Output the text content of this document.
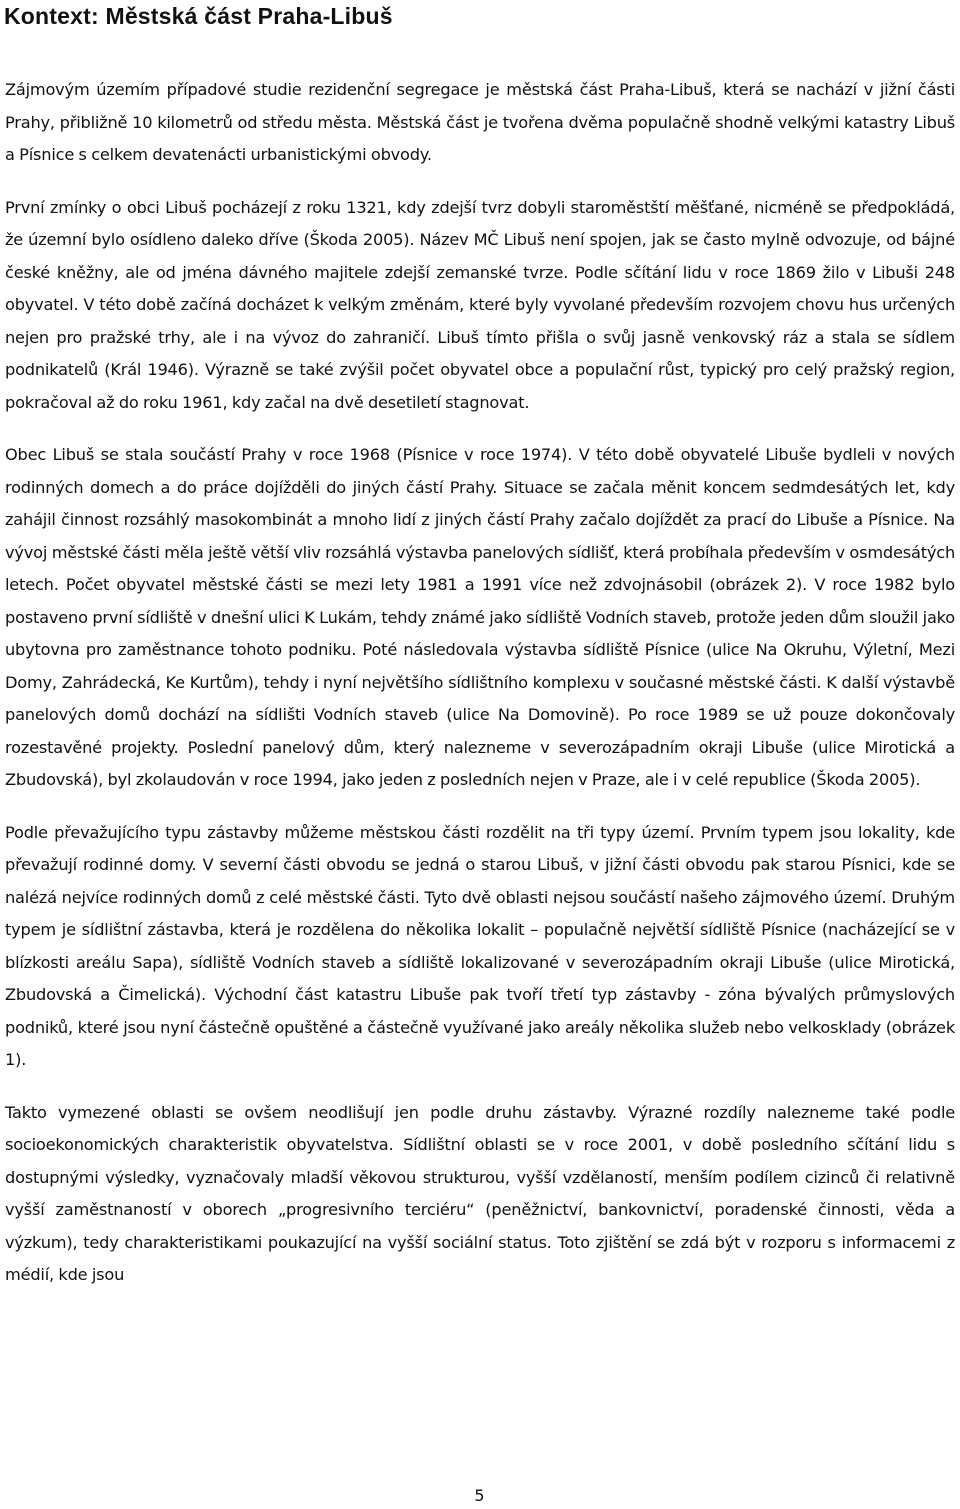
Kontext: Městská část Praha-Libuš

Zájmovým územím případové studie rezidenční segregace je městská část Praha-Libuš, která se nachází v jižní části Prahy, přibližně 10 kilometrů od středu města. Městská část je tvořena dvěma populačně shodně velkými katastry Libuš a Písnice s celkem devatenácti urbanistickými obvody.

První zmínky o obci Libuš pocházejí z roku 1321, kdy zdejší tvrz dobyli staroměstští měšťané, nicméně se předpokládá, že územní bylo osídleno daleko dříve (Škoda 2005). Název MČ Libuš není spojen, jak se často mylně odvozuje, od bájné české kněžny, ale od jména dávného majitele zdejší zemanské tvrze. Podle sčítání lidu v roce 1869 žilo v Libuši 248 obyvatel. V této době začíná docházet k velkým změnám, které byly vyvolané především rozvojem chovu hus určených nejen pro pražské trhy, ale i na vývoz do zahraničí. Libuš tímto přišla o svůj jasně venkovský ráz a stala se sídlem podnikatelů (Král 1946). Výrazně se také zvýšil počet obyvatel obce a populační růst, typický pro celý pražský region, pokračoval až do roku 1961, kdy začal na dvě desetiletí stagnovat.

Obec Libuš se stala součástí Prahy v roce 1968 (Písnice v roce 1974). V této době obyvatelé Libuše bydleli v nových rodinných domech a do práce dojížděli do jiných částí Prahy. Situace se začala měnit koncem sedmdesátých let, kdy zahájil činnost rozsáhlý masokombinát a mnoho lidí z jiných částí Prahy začalo dojíždět za prací do Libuše a Písnice. Na vývoj městské části měla ještě větší vliv rozsáhlá výstavba panelových sídlišť, která probíhala především v osmdesátých letech. Počet obyvatel městské části se mezi lety 1981 a 1991 více než zdvojnásobil (obrázek 2). V roce 1982 bylo postaveno první sídliště v dnešní ulici K Lukám, tehdy známé jako sídliště Vodních staveb, protože jeden dům sloužil jako ubytovna pro zaměstnance tohoto podniku. Poté následovala výstavba sídliště Písnice (ulice Na Okruhu, Výletní, Mezi Domy, Zahrádecká, Ke Kurtům), tehdy i nyní největšího sídlištního komplexu v současné městské části. K další výstavbě panelových domů dochází na sídlišti Vodních staveb (ulice Na Domovině). Po roce 1989 se už pouze dokončovaly rozestavěné projekty. Poslední panelový dům, který nalezneme v severozápadním okraji Libuše (ulice Mirotická a Zbudovská), byl zkolaudován v roce 1994, jako jeden z posledních nejen v Praze, ale i v celé republice (Škoda 2005).

Podle převažujícího typu zástavby můžeme městskou části rozdělit na tři typy území. Prvním typem jsou lokality, kde převažují rodinné domy. V severní části obvodu se jedná o starou Libuš, v jižní části obvodu pak starou Písnici, kde se nalézá nejvíce rodinných domů z celé městské části. Tyto dvě oblasti nejsou součástí našeho zájmového území. Druhým typem je sídlištní zástavba, která je rozdělena do několika lokalit – populačně největší sídliště Písnice (nacházející se v blízkosti areálu Sapa), sídliště Vodních staveb a sídliště lokalizované v severozápadním okraji Libuše (ulice Mirotická, Zbudovská a Čimelická). Východní část katastru Libuše pak tvoří třetí typ zástavby - zóna bývalých průmyslových podniků, které jsou nyní částečně opuštěné a částečně využívané jako areály několika služeb nebo velkosklady (obrázek 1).

Takto vymezené oblasti se ovšem neodlišují jen podle druhu zástavby. Výrazné rozdíly nalezneme také podle socioekonomických charakteristik obyvatelstva. Sídlištní oblasti se v roce 2001, v době posledního sčítání lidu s dostupnými výsledky, vyznačovaly mladší věkovou strukturou, vyšší vzdělaností, menším podílem cizinců či relativně vyšší zaměstnaností v oborech „progresivního terciéru“ (peněžnictví, bankovnictví, poradenské činnosti, věda a výzkum), tedy charakteristikami poukazující na vyšší sociální status. Toto zjištění se zdá být v rozporu s informacemi z médií, kde jsou

5
